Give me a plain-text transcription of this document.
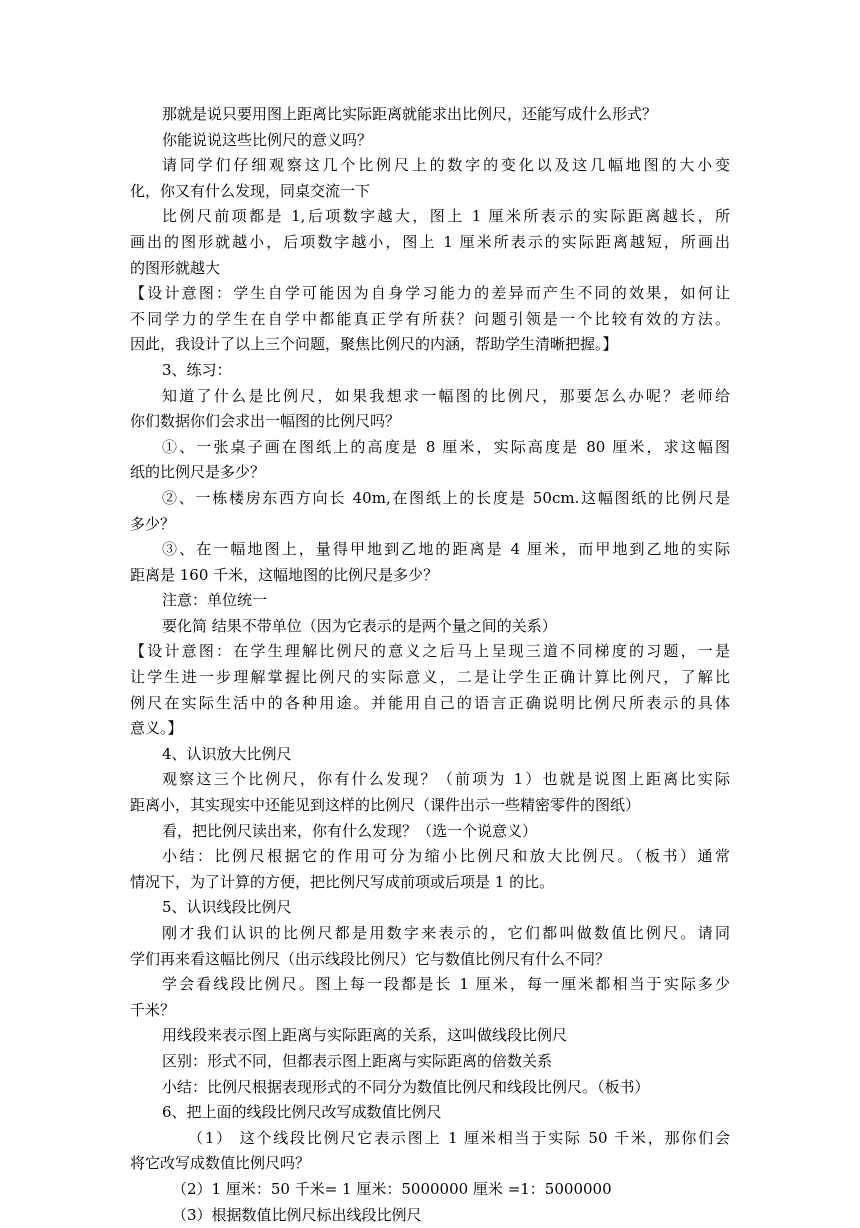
那就是说只要用图上距离比实际距离就能求出比例尺，还能写成什么形式？
你能说说这些比例尺的意义吗？
请同学们仔细观察这几个比例尺上的数字的变化以及这几幅地图的大小变
化，你又有什么发现，同桌交流一下
比例尺前项都是 1,后项数字越大，图上 1 厘米所表示的实际距离越长，所
画出的图形就越小，后项数字越小，图上 1 厘米所表示的实际距离越短，所画出
的图形就越大
【设计意图：学生自学可能因为自身学习能力的差异而产生不同的效果，如何让
不同学力的学生在自学中都能真正学有所获？问题引领是一个比较有效的方法。
因此，我设计了以上三个问题，聚焦比例尺的内涵，帮助学生清晰把握。】
3、练习：
知道了什么是比例尺，如果我想求一幅图的比例尺，那要怎么办呢？老师给
你们数据你们会求出一幅图的比例尺吗？
①、一张桌子画在图纸上的高度是 8 厘米，实际高度是 80 厘米，求这幅图
纸的比例尺是多少？
②、一栋楼房东西方向长 40m,在图纸上的长度是 50cm.这幅图纸的比例尺是
多少？
③、在一幅地图上，量得甲地到乙地的距离是 4 厘米，而甲地到乙地的实际
距离是 160 千米，这幅地图的比例尺是多少？
注意：单位统一
要化简 结果不带单位（因为它表示的是两个量之间的关系）
【设计意图：在学生理解比例尺的意义之后马上呈现三道不同梯度的习题，一是
让学生进一步理解掌握比例尺的实际意义，二是让学生正确计算比例尺，了解比
例尺在实际生活中的各种用途。并能用自己的语言正确说明比例尺所表示的具体
意义。】
4、认识放大比例尺
观察这三个比例尺，你有什么发现？（前项为 1）也就是说图上距离比实际
距离小，其实现实中还能见到这样的比例尺（课件出示一些精密零件的图纸）
看，把比例尺读出来，你有什么发现？（选一个说意义）
小结：比例尺根据它的作用可分为缩小比例尺和放大比例尺。（板书）通常
情况下，为了计算的方便，把比例尺写成前项或后项是 1 的比。
5、认识线段比例尺
刚才我们认识的比例尺都是用数字来表示的，它们都叫做数值比例尺。请同
学们再来看这幅比例尺（出示线段比例尺）它与数值比例尺有什么不同？
学会看线段比例尺。图上每一段都是长 1 厘米，每一厘米都相当于实际多少
千米？
用线段来表示图上距离与实际距离的关系，这叫做线段比例尺
区别：形式不同，但都表示图上距离与实际距离的倍数关系
小结：比例尺根据表现形式的不同分为数值比例尺和线段比例尺。（板书）
6、把上面的线段比例尺改写成数值比例尺
（1） 这个线段比例尺它表示图上 1 厘米相当于实际 50 千米，那你们会
将它改写成数值比例尺吗？
（2）1 厘米：50 千米= 1 厘米：5000000 厘米 =1：5000000
（3）根据数值比例尺标出线段比例尺
